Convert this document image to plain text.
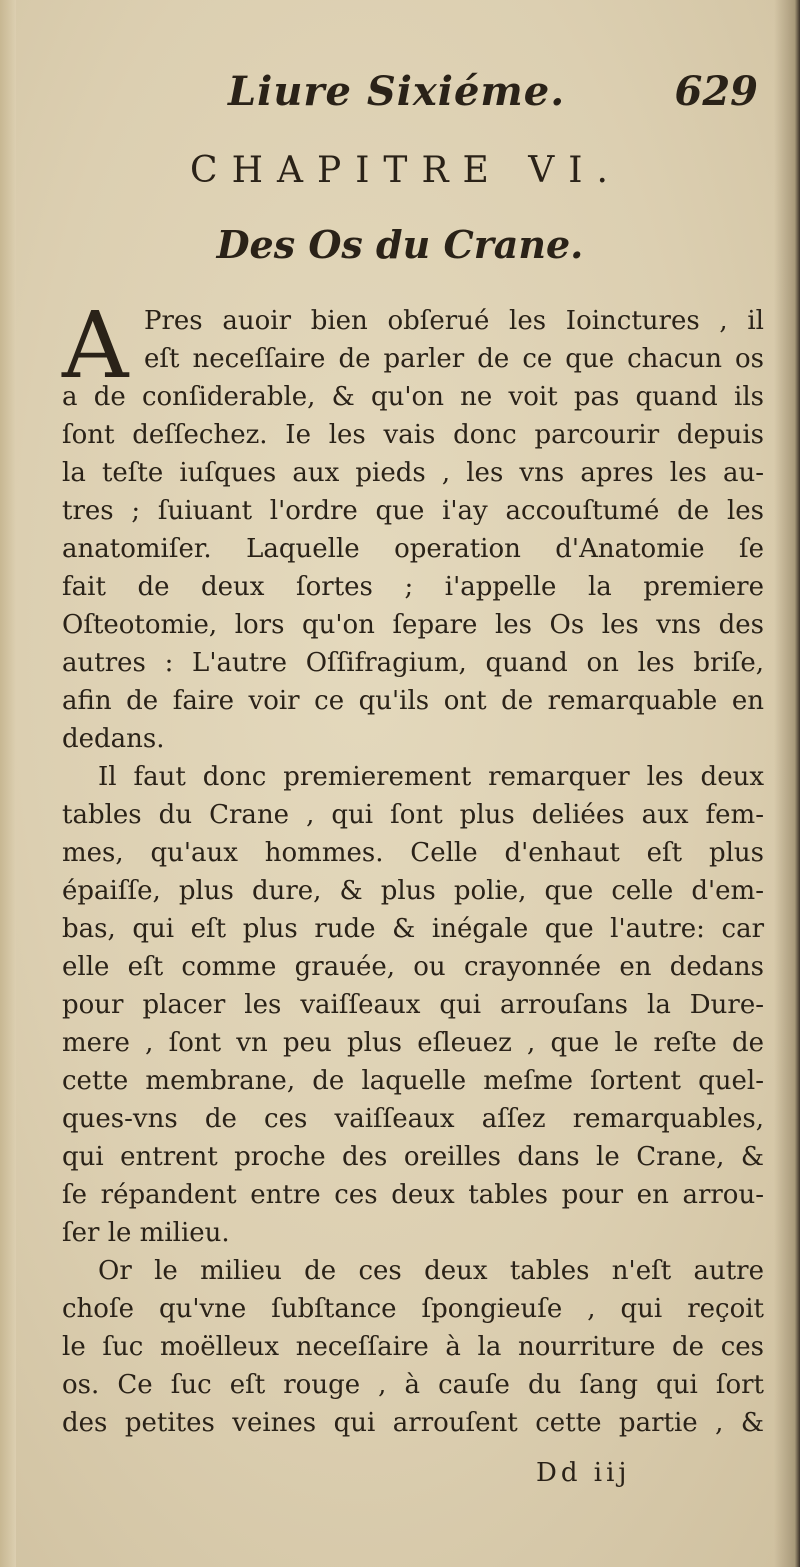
Liure Sixiéme.	629
CHAPITRE VI.
Des Os du Crane.
A Pres auoir bien obſerué les Ioinctures , il
eſt neceſſaire de parler de ce que chacun os
a de conſiderable, & qu'on ne voit pas quand ils
ſont deſſechez. Ie les vais donc parcourir depuis
la teſte iuſques aux pieds , les vns apres les au-
tres ; ſuiuant l'ordre que i'ay accouſtumé de les
anatomiſer. Laquelle operation d'Anatomie ſe
fait de deux ſortes ; i'appelle la premiere
Oſteotomie, lors qu'on ſepare les Os les vns des
autres : L'autre Oſſifragium, quand on les briſe,
afin de faire voir ce qu'ils ont de remarquable en
dedans.
Il faut donc premierement remarquer les deux
tables du Crane , qui ſont plus deliées aux fem-
mes, qu'aux hommes. Celle d'enhaut eſt plus
épaiſſe, plus dure, & plus polie, que celle d'em-
bas, qui eſt plus rude & inégale que l'autre: car
elle eſt comme grauée, ou crayonnée en dedans
pour placer les vaiſſeaux qui arrouſans la Dure-
mere , ſont vn peu plus eſleuez , que le reſte de
cette membrane, de laquelle meſme ſortent quel-
ques-vns de ces vaiſſeaux aſſez remarquables,
qui entrent proche des oreilles dans le Crane, &
ſe répandent entre ces deux tables pour en arrou-
ſer le milieu.
Or le milieu de ces deux tables n'eſt autre
choſe qu'vne ſubſtance ſpongieuſe , qui reçoit
le ſuc moëlleux neceſſaire à la nourriture de ces
os. Ce ſuc eſt rouge , à cauſe du ſang qui ſort
des petites veines qui arrouſent cette partie , &
Dd iij
